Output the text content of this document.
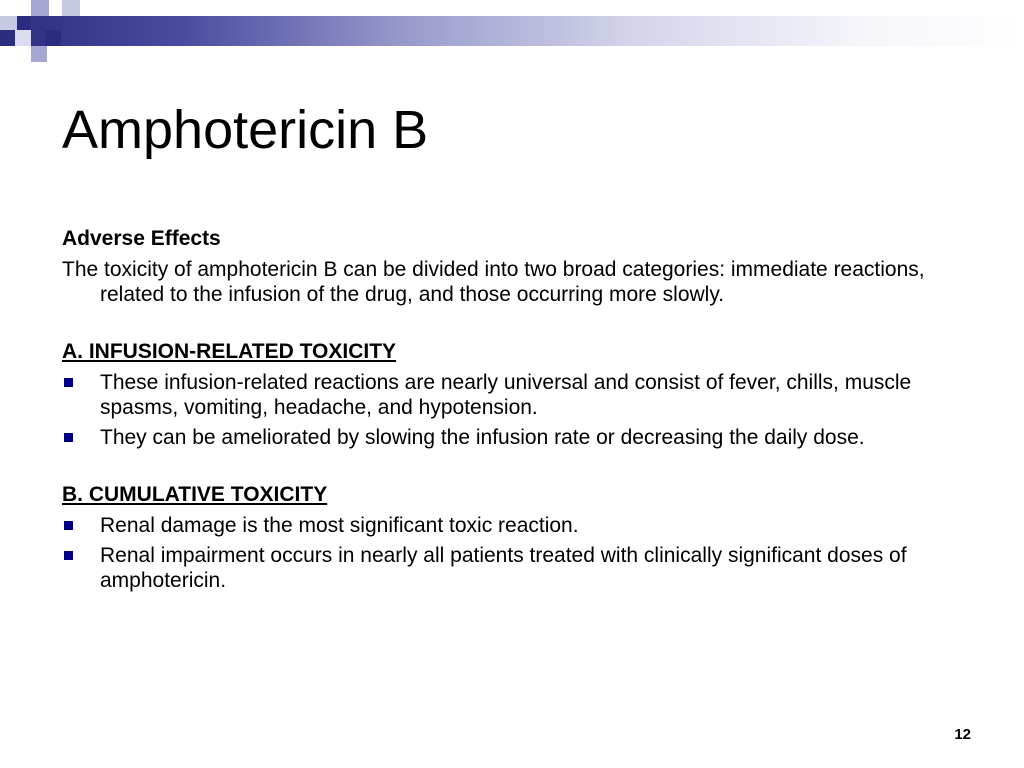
Amphotericin B
Adverse Effects
The toxicity of amphotericin B can be divided into two broad categories: immediate reactions, related to the infusion of the drug, and those occurring more slowly.
A. INFUSION-RELATED TOXICITY
These infusion-related reactions are nearly universal and consist of fever, chills, muscle spasms, vomiting, headache, and hypotension.
They can be ameliorated by slowing the infusion rate or decreasing the daily dose.
B. CUMULATIVE TOXICITY
Renal damage is the most significant toxic reaction.
Renal impairment occurs in nearly all patients treated with clinically significant doses of amphotericin.
12
